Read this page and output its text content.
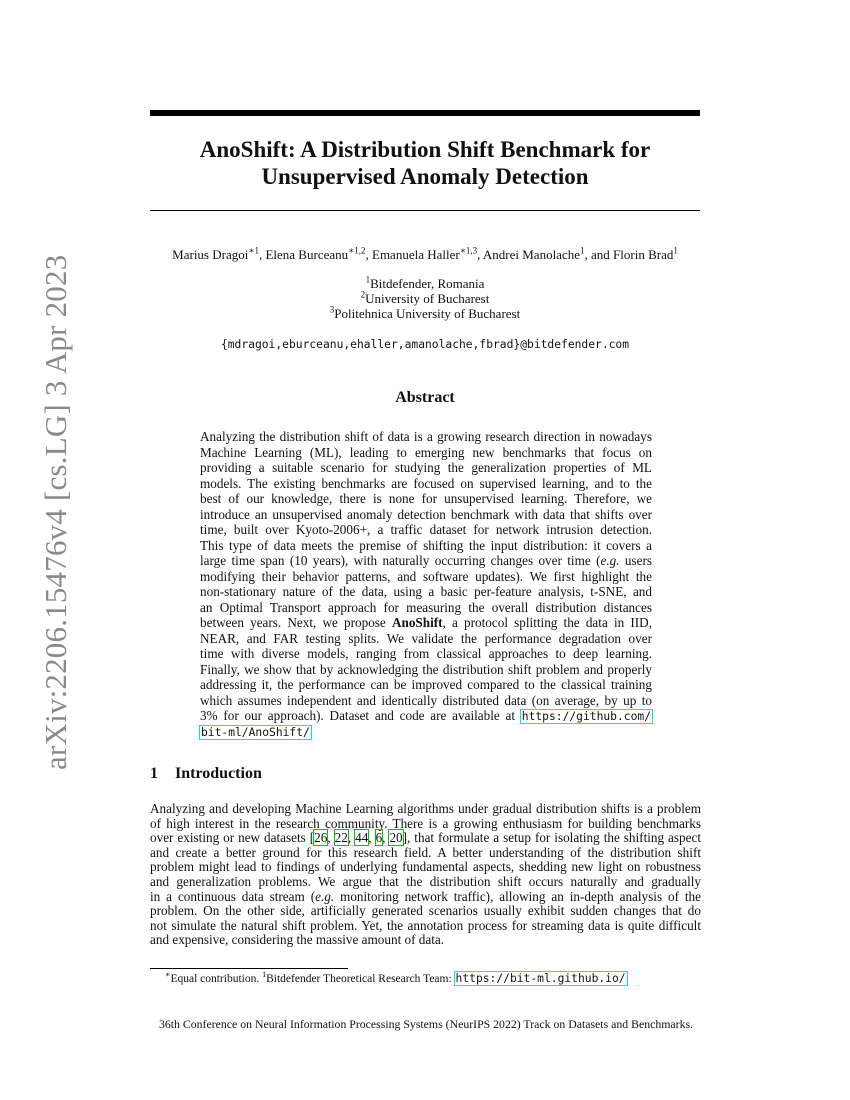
arXiv:2206.15476v4 [cs.LG] 3 Apr 2023
AnoShift: A Distribution Shift Benchmark for
Unsupervised Anomaly Detection
Marius Dragoi$^{∗1}$, Elena Burceanu$^{∗1,2}$, Emanuela Haller$^{∗1,3}$, Andrei Manolache$^1$, and Florin Brad$^1$
$^1$Bitdefender, Romania
$^2$University of Bucharest
$^3$Politehnica University of Bucharest
{mdragoi,eburceanu,ehaller,amanolache,fbrad}@bitdefender.com
Abstract
Analyzing the distribution shift of data is a growing research direction in nowadays
Machine Learning (ML), leading to emerging new benchmarks that focus on
providing a suitable scenario for studying the generalization properties of ML
models. The existing benchmarks are focused on supervised learning, and to the
best of our knowledge, there is none for unsupervised learning. Therefore, we
introduce an unsupervised anomaly detection benchmark with data that shifts over
time, built over Kyoto-2006+, a traffic dataset for network intrusion detection.
This type of data meets the premise of shifting the input distribution: it covers a
large time span (10 years), with naturally occurring changes over time (e.g. users
modifying their behavior patterns, and software updates). We first highlight the
non-stationary nature of the data, using a basic per-feature analysis, t-SNE, and
an Optimal Transport approach for measuring the overall distribution distances
between years. Next, we propose AnoShift, a protocol splitting the data in IID,
NEAR, and FAR testing splits. We validate the performance degradation over
time with diverse models, ranging from classical approaches to deep learning.
Finally, we show that by acknowledging the distribution shift problem and properly
addressing it, the performance can be improved compared to the classical training
which assumes independent and identically distributed data (on average, by up to
3% for our approach). Dataset and code are available at https://github.com/
bit-ml/AnoShift/
1 Introduction
Analyzing and developing Machine Learning algorithms under gradual distribution shifts is a problem
of high interest in the research community. There is a growing enthusiasm for building benchmarks
over existing or new datasets [26, 22, 44, 6, 20], that formulate a setup for isolating the shifting aspect
and create a better ground for this research field. A better understanding of the distribution shift
problem might lead to findings of underlying fundamental aspects, shedding new light on robustness
and generalization problems. We argue that the distribution shift occurs naturally and gradually
in a continuous data stream (e.g. monitoring network traffic), allowing an in-depth analysis of the
problem. On the other side, artificially generated scenarios usually exhibit sudden changes that do
not simulate the natural shift problem. Yet, the annotation process for streaming data is quite difficult
and expensive, considering the massive amount of data.
∗Equal contribution. $^1$Bitdefender Theoretical Research Team: https://bit-ml.github.io/
36th Conference on Neural Information Processing Systems (NeurIPS 2022) Track on Datasets and Benchmarks.
